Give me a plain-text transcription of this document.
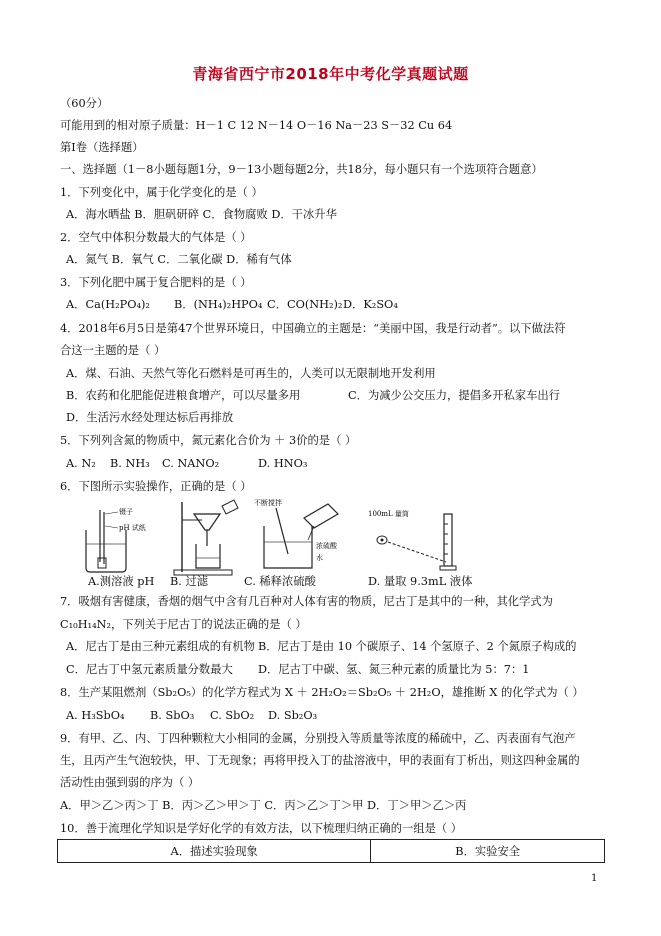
青海省西宁市2018年中考化学真题试题
（60分）
可能用到的相对原子质量：H－1 C 12 N－14 O－16 Na－23 S－32 Cu 64
第Ⅰ卷（选择题）
一、选择题（1－8小题每题1分，9－13小题每题2分，共18分，每小题只有一个选项符合题意）
1．下列变化中，属于化学变化的是（ ）
A．海水晒盐 B．胆矾研碎 C．食物腐败 D．干冰升华
2．空气中体积分数最大的气体是（ ）
A．氮气 B．氧气 C．二氧化碳 D．稀有气体
3．下列化肥中属于复合肥料的是（ ）
A．Ca(H₂PO₄)₂ B．(NH₄)₂HPO₄ C．CO(NH₂)₂ D．K₂SO₄
4．2018年6月5日是第47个世界环境日，中国确立的主题是：“美丽中国，我是行动者”。以下做法符
合这一主题的是（ ）
A．煤、石油、天然气等化石燃料是可再生的，人类可以无限制地开发利用
B．农药和化肥能促进粮食增产，可以尽量多用	C．为减少公交压力，提倡多开私家车出行
D．生活污水经处理达标后再排放
5．下列列含氮的物质中，氮元素化合价为 ＋ 3价的是（ ）
A. N₂ B. NH₃ C. NANO₂	D. HNO₃
6．下图所示实验操作，正确的是（ ）
镊子
pH 试纸
不断搅拌
浓硫酸
水
100mL 量筒
A.测溶液 pH B. 过滤	C. 稀释浓硫酸	D. 量取 9.3mL 液体
7．吸烟有害健康，香烟的烟气中含有几百种对人体有害的物质，尼古丁是其中的一种，其化学式为
C₁₀H₁₄N₂，下列关于尼古丁的说法正确的是（ ）
A．尼古丁是由三种元素组成的有机物 B．尼古丁是由 10 个碳原子、14 个氢原子、2 个氮原子构成的
C．尼古丁中氢元素质量分数最大 D．尼古丁中碳、氢、氮三种元素的质量比为 5：7：1
8．生产某阻燃剂（Sb₂O₅）的化学方程式为 X ＋ 2H₂O₂＝Sb₂O₅ ＋ 2H₂O，雄推断 X 的化学式为（ ）
A. H₃SbO₄ B. SbO₃ C. SbO₂ D. Sb₂O₃
9．有甲、乙、内、丁四种颗粒大小相同的金属，分别投入等质量等浓度的稀硫中，乙、丙表面有气泡产
生，且丙产生气泡较快，甲、丁无现象；再将甲投入丁的盐溶液中，甲的表面有丁析出，则这四种金属的
活动性由强到弱的序为（ ）
A．甲＞乙＞丙＞丁 B．丙＞乙＞甲＞丁 C．丙＞乙＞丁＞甲 D．丁＞甲＞乙＞丙
10．善于流理化学知识是学好化学的有效方法，以下梳理归纳正确的一组是（ ）
A．描述实验现象	B．实验安全
1
